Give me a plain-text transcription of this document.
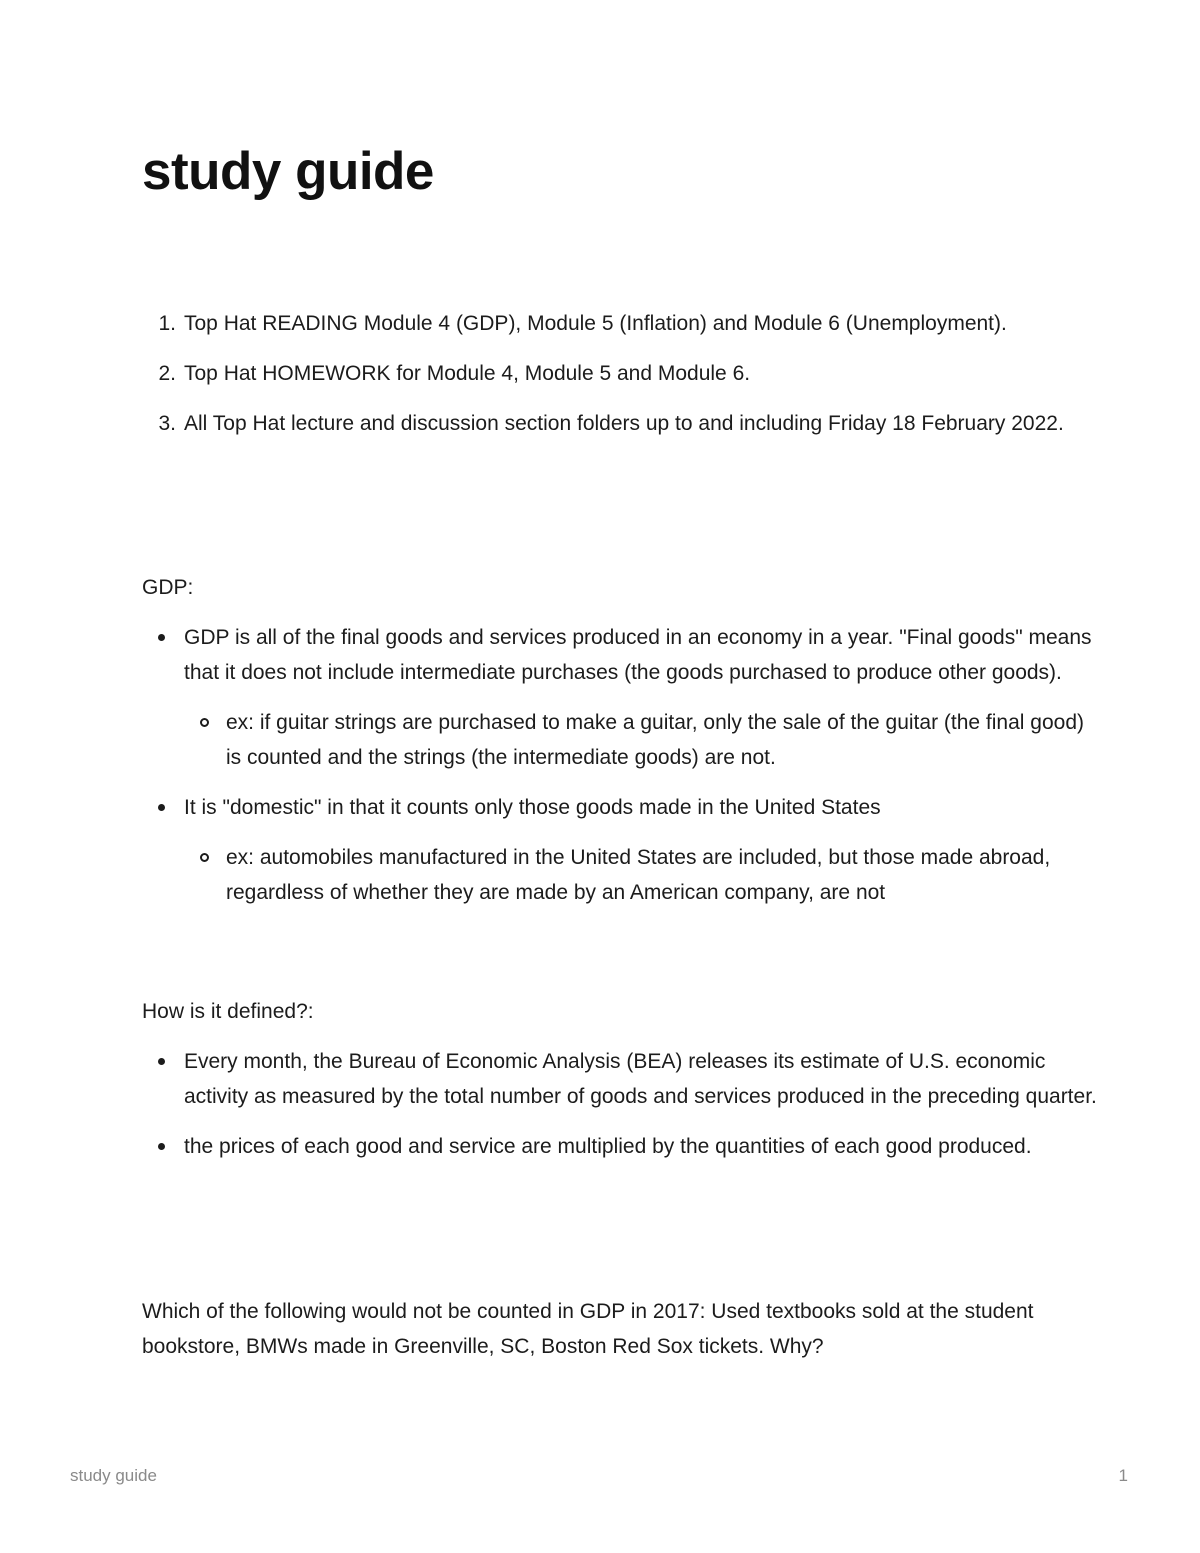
study guide
Top Hat READING Module 4 (GDP), Module 5 (Inflation) and Module 6 (Unemployment).
Top Hat HOMEWORK for Module 4, Module 5 and Module 6.
All Top Hat lecture and discussion section folders up to and including Friday 18 February 2022.

GDP:

GDP is all of the final goods and services produced in an economy in a year. "Final goods" means that it does not include intermediate purchases (the goods purchased to produce other goods).
ex: if guitar strings are purchased to make a guitar, only the sale of the guitar (the final good) is counted and the strings (the intermediate goods) are not.
It is "domestic" in that it counts only those goods made in the United States
ex: automobiles manufactured in the United States are included, but those made abroad, regardless of whether they are made by an American company, are not

How is it defined?:

Every month, the Bureau of Economic Analysis (BEA) releases its estimate of U.S. economic activity as measured by the total number of goods and services produced in the preceding quarter.
the prices of each good and service are multiplied by the quantities of each good produced.

Which of the following would not be counted in GDP in 2017: Used textbooks sold at the student bookstore, BMWs made in Greenville, SC, Boston Red Sox tickets. Why?

study guide	1
